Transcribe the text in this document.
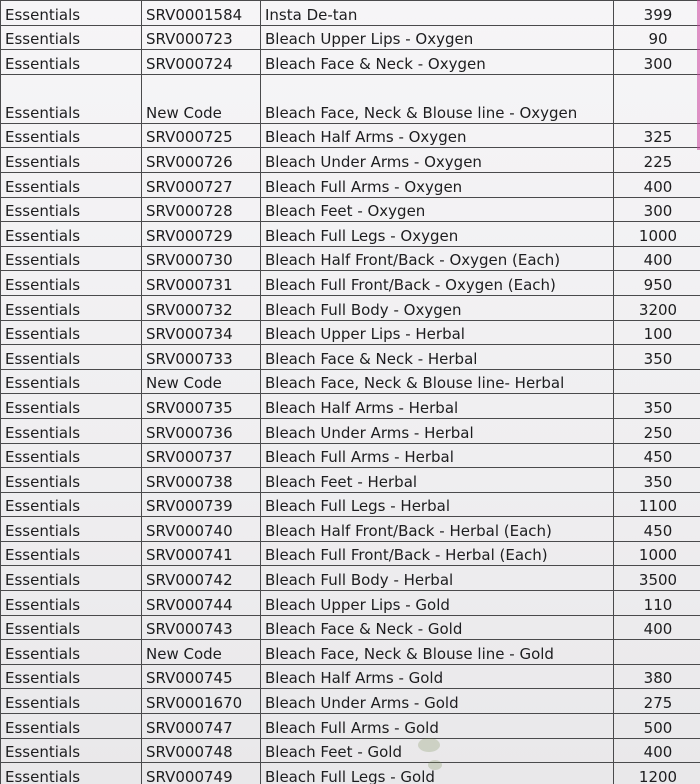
Essentials	SRV0001584	Insta De-tan	399
Essentials	SRV000723	Bleach Upper Lips - Oxygen	90
Essentials	SRV000724	Bleach Face & Neck - Oxygen	300
Essentials	New Code	Bleach Face, Neck & Blouse line - Oxygen	
Essentials	SRV000725	Bleach Half Arms - Oxygen	325
Essentials	SRV000726	Bleach Under Arms - Oxygen	225
Essentials	SRV000727	Bleach Full Arms - Oxygen	400
Essentials	SRV000728	Bleach Feet - Oxygen	300
Essentials	SRV000729	Bleach Full Legs - Oxygen	1000
Essentials	SRV000730	Bleach Half Front/Back - Oxygen (Each)	400
Essentials	SRV000731	Bleach Full Front/Back - Oxygen (Each)	950
Essentials	SRV000732	Bleach Full Body - Oxygen	3200
Essentials	SRV000734	Bleach Upper Lips - Herbal	100
Essentials	SRV000733	Bleach Face & Neck - Herbal	350
Essentials	New Code	Bleach Face, Neck & Blouse line- Herbal	
Essentials	SRV000735	Bleach Half Arms - Herbal	350
Essentials	SRV000736	Bleach Under Arms - Herbal	250
Essentials	SRV000737	Bleach Full Arms - Herbal	450
Essentials	SRV000738	Bleach Feet - Herbal	350
Essentials	SRV000739	Bleach Full Legs - Herbal	1100
Essentials	SRV000740	Bleach Half Front/Back - Herbal (Each)	450
Essentials	SRV000741	Bleach Full Front/Back - Herbal (Each)	1000
Essentials	SRV000742	Bleach Full Body - Herbal	3500
Essentials	SRV000744	Bleach Upper Lips - Gold	110
Essentials	SRV000743	Bleach Face & Neck - Gold	400
Essentials	New Code	Bleach Face, Neck & Blouse line - Gold	
Essentials	SRV000745	Bleach Half Arms - Gold	380
Essentials	SRV0001670	Bleach Under Arms - Gold	275
Essentials	SRV000747	Bleach Full Arms - Gold	500
Essentials	SRV000748	Bleach Feet - Gold	400
Essentials	SRV000749	Bleach Full Legs - Gold	1200
